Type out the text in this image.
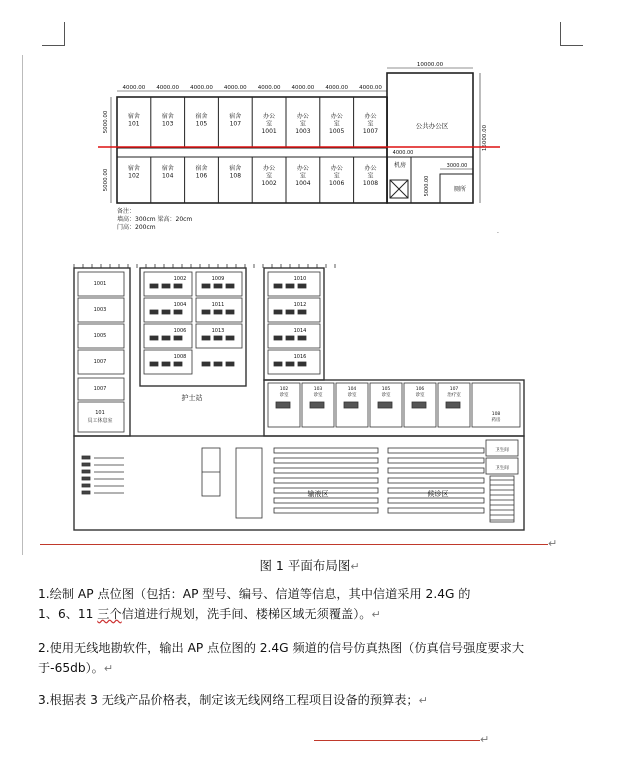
4000.00 4000.00 4000.00 4000.00 4000.00 4000.00 4000.00 4000.00
10000.00
5000.00
5000.00
15000.00
4000.00
宿舍
101
宿舍
103
宿舍
105
宿舍
107
办公
室
1001
办公
室
1003
办公
室
1005
办公
室
1007
宿舍
102
宿舍
104
宿舍
106
宿舍
108
办公
室
1002
办公
室
1004
办公
室
1006
办公
室
1008
公共办公区
机房
厕所
3000.00
5000.00
备注：
墙高：300cm 梁高：20cm
门高：200cm
.
1001
1003
1005
1007
1007
101
员工休息室
1002
1004
1006
1008
1009
1011
1013
1010
1012
1014
1016
护士站
102
诊室
103
诊室
104
诊室
105
诊室
106
诊室
107
治疗室
108
药房
输液区	候诊区
卫生间
卫生间
↵
图 1 平面布局图↵
1.绘制 AP 点位图（包括：AP 型号、编号、信道等信息，其中信道采用 2.4G 的
1、6、11 三个信道进行规划，洗手间、楼梯区域无须覆盖）。↵
2.使用无线地勘软件，输出 AP 点位图的 2.4G 频道的信号仿真热图（仿真信号强度要求大于-65db）。↵
3.根据表 3 无线产品价格表，制定该无线网络工程项目设备的预算表；↵
↵
